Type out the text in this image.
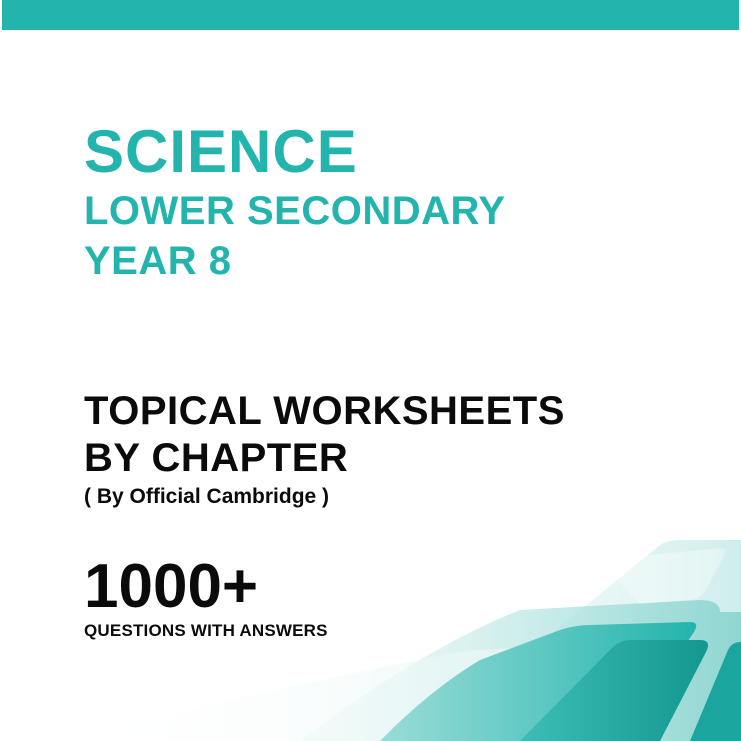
SCIENCE
LOWER SECONDARY
YEAR 8
TOPICAL WORKSHEETS
BY CHAPTER
( By Official Cambridge )
1000+
QUESTIONS WITH ANSWERS
